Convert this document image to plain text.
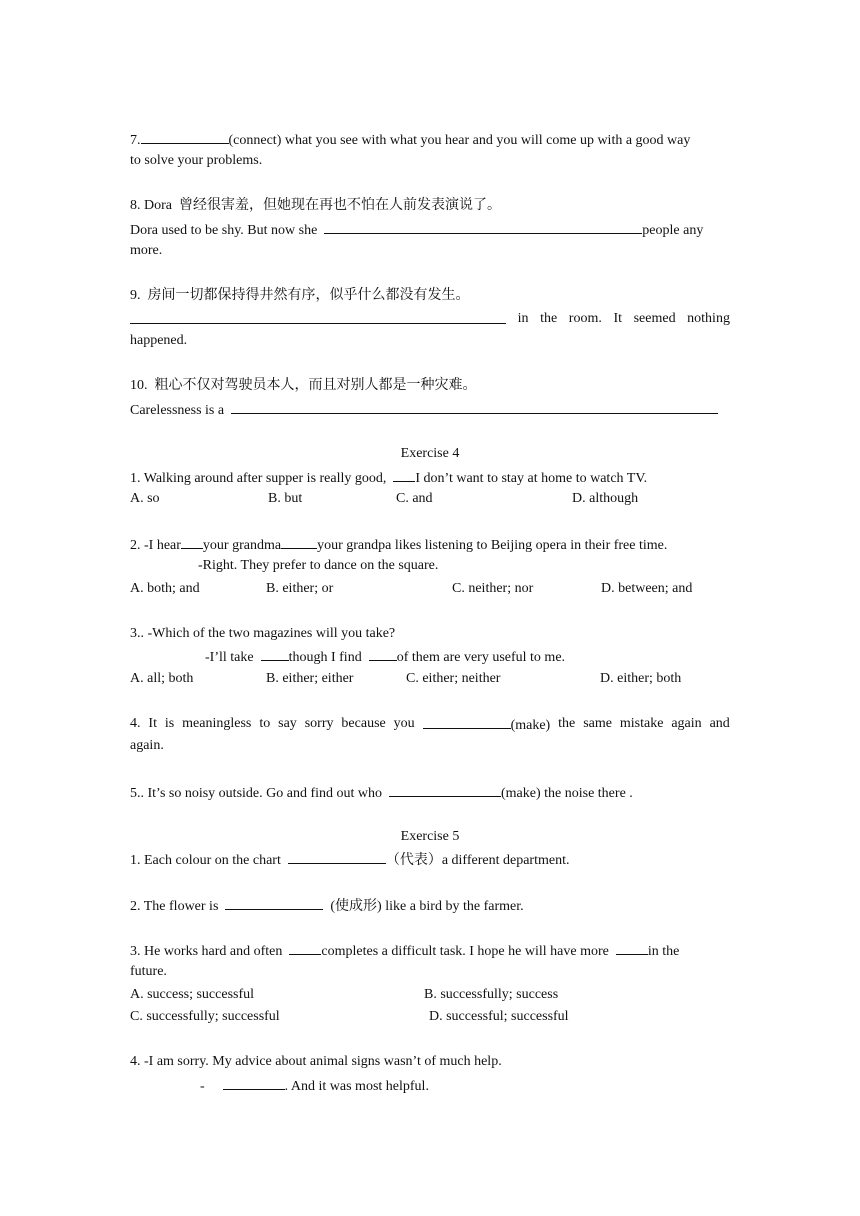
7.	(connect) what you see with what you hear and you will come up with a good way
to solve your problems.
8. Dora  曾经很害羞，但她现在再也不怕在人前发表演说了。
Dora used to be shy. But now she	people any
more.
9.  房间一切都保持得井然有序，似乎什么都没有发生。
in the room. It seemed nothing
happened.
10.  粗心不仅对驾驶员本人，而且对别人都是一种灾难。
Carelessness is a
Exercise 4
1. Walking around after supper is really good, I don’t want to stay at home to watch TV.
A. so	B. but	C. and	D. although
2. -I hear your grandma	your grandpa likes listening to Beijing opera in their free time.
-Right. They prefer to dance on the square.
A. both; and	B. either; or	C. neither; nor	D. between; and
3.. -Which of the two magazines will you take?
-I’ll take	though I find	of them are very useful to me.
A. all; both	B. either; either	C. either; neither	D. either; both
4. It is meaningless to say sorry because you	(make) the same mistake again and
again.
5.. It’s so noisy outside. Go and find out who	(make) the noise there .
Exercise 5
1. Each colour on the chart	（代表）a different department.
2. The flower is	(使成形) like a bird by the farmer.
3. He works hard and often	completes a difficult task. I hope he will have more	in the
future.
A. success; successful	B. successfully; success
C. successfully; successful	D. successful; successful
4. -I am sorry. My advice about animal signs wasn’t of much help.
-	. And it was most helpful.
